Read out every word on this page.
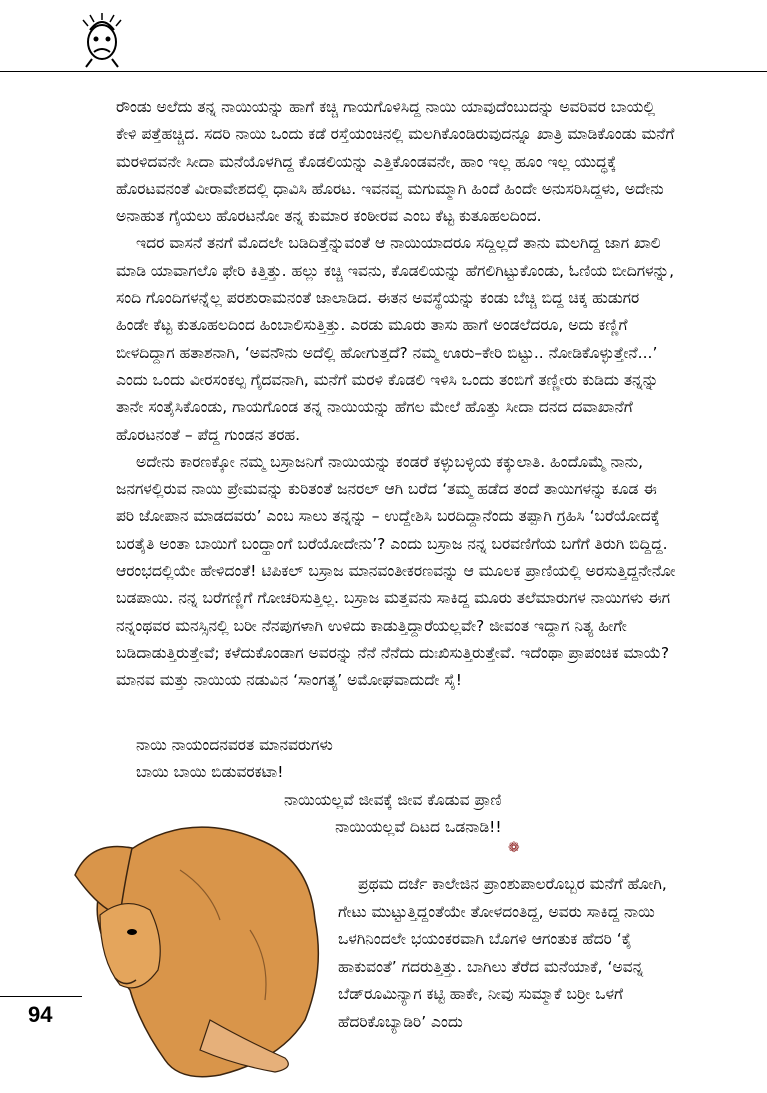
ರೌಂಡು ಅಲೆದು ತನ್ನ ನಾಯಿಯನ್ನು ಹಾಗೆ ಕಚ್ಚಿ ಗಾಯಗೊಳಿಸಿದ್ದ ನಾಯಿ ಯಾವುದೆಂಬುದನ್ನು ಅವರಿವರ ಬಾಯಲ್ಲಿ ಕೇಳಿ ಪತ್ತೆಹಚ್ಚಿದ. ಸದರಿ ನಾಯಿ ಒಂದು ಕಡೆ ರಸ್ತೆಯಂಚಿನಲ್ಲಿ ಮಲಗಿಕೊಂಡಿರುವುದನ್ನೂ ಖಾತ್ರಿ ಮಾಡಿಕೊಂಡು ಮನೆಗೆ ಮರಳಿದವನೇ ಸೀದಾ ಮನೆಯೊಳಗಿದ್ದ ಕೊಡಲಿಯನ್ನು ಎತ್ತಿಕೊಂಡವನೇ, ಹಾಂ ಇಲ್ಲ ಹೂಂ ಇಲ್ಲ ಯುದ್ಧಕ್ಕೆ ಹೊರಟವನಂತೆ ವೀರಾವೇಶದಲ್ಲಿ ಧಾವಿಸಿ ಹೊರಟ. ಇವನವ್ವ ಮಗುಮ್ಮಾಗಿ ಹಿಂದೆ ಹಿಂದೇ ಅನುಸರಿಸಿದ್ದಳು, ಅದೇನು ಅನಾಹುತ ಗೈಯಲು ಹೊರಟನೋ ತನ್ನ ಕುಮಾರ ಕಂಠೀರವ ಎಂಬ ಕೆಟ್ಟ ಕುತೂಹಲದಿಂದ.

ಇದರ ವಾಸನೆ ತನಗೆ ಮೊದಲೇ ಬಡಿದಿತ್ತೆನ್ನುವಂತೆ ಆ ನಾಯಿಯಾದರೂ ಸದ್ದಿಲ್ಲದೆ ತಾನು ಮಲಗಿದ್ದ ಜಾಗ ಖಾಲಿ ಮಾಡಿ ಯಾವಾಗಲೊ ಫೇರಿ ಕಿತ್ತಿತ್ತು. ಹಲ್ಲು ಕಚ್ಚಿ ಇವನು, ಕೊಡಲಿಯನ್ನು ಹೆಗಲಿಗಿಟ್ಟುಕೊಂಡು, ಓಣಿಯ ಬೀದಿಗಳನ್ನು, ಸಂದಿ ಗೊಂದಿಗಳನ್ನೆಲ್ಲ ಪರಶುರಾಮನಂತೆ ಜಾಲಾಡಿದ. ಈತನ ಅವಸ್ಥೆಯನ್ನು ಕಂಡು ಬೆಚ್ಚಿ ಬಿದ್ದ ಚಿಕ್ಕ ಹುಡುಗರ ಹಿಂಡೇ ಕೆಟ್ಟ ಕುತೂಹಲದಿಂದ ಹಿಂಬಾಲಿಸುತ್ತಿತ್ತು. ಎರಡು ಮೂರು ತಾಸು ಹಾಗೆ ಅಂಡಲೆದರೂ, ಅದು ಕಣ್ಣಿಗೆ ಬೀಳದಿದ್ದಾಗ ಹತಾಶನಾಗಿ, ‘ಅವನೌನು ಅದೆಲ್ಲಿ ಹೋಗುತ್ತದೆ? ನಮ್ಮ ಊರು–ಕೇರಿ ಬಿಟ್ಟು.. ನೋಡಿಕೊಳ್ಳುತ್ತೇನೆ...’ ಎಂದು ಒಂದು ವೀರಸಂಕಲ್ಪ ಗೈದವನಾಗಿ, ಮನೆಗೆ ಮರಳಿ ಕೊಡಲಿ ಇಳಿಸಿ ಒಂದು ತಂಬಿಗೆ ತಣ್ಣೀರು ಕುಡಿದು ತನ್ನನ್ನು ತಾನೇ ಸಂತೈಸಿಕೊಂಡು, ಗಾಯಗೊಂಡ ತನ್ನ ನಾಯಿಯನ್ನು ಹೆಗಲ ಮೇಲೆ ಹೊತ್ತು ಸೀದಾ ದನದ ದವಾಖಾನೆಗೆ ಹೊರಟನಂತೆ – ಪೆದ್ದ ಗುಂಡನ ತರಹ.

ಅದೇನು ಕಾರಣಕ್ಕೋ ನಮ್ಮ ಬಸ್ರಾಜನಿಗೆ ನಾಯಿಯನ್ನು ಕಂಡರೆ ಕಳ್ಳುಬಳ್ಳಿಯ ಕಕ್ಕುಲಾತಿ. ಹಿಂದೊಮ್ಮೆ ನಾನು, ಜನಗಳಲ್ಲಿರುವ ನಾಯಿ ಪ್ರೇಮವನ್ನು ಕುರಿತಂತೆ ಜನರಲ್ ಆಗಿ ಬರೆದ ‘ತಮ್ಮ ಹಡೆದ ತಂದೆ ತಾಯಿಗಳನ್ನು ಕೂಡ ಈ ಪರಿ ಜೋಪಾನ ಮಾಡದವರು’ ಎಂಬ ಸಾಲು ತನ್ನನ್ನು – ಉದ್ದೇಶಿಸಿ ಬರದಿದ್ದಾನೆಂದು ತಪ್ಪಾಗಿ ಗ್ರಹಿಸಿ ‘ಬರೆಯೋದಕ್ಕೆ ಬರತೈತಿ ಅಂತಾ ಬಾಯಿಗೆ ಬಂದ್ಹಾಂಗೆ ಬರೆಯೋದೇನು’? ಎಂದು ಬಸ್ರಾಜ ನನ್ನ ಬರವಣಿಗೆಯ ಬಗೆಗೆ ತಿರುಗಿ ಬಿದ್ದಿದ್ದ. ಆರಂಭದಲ್ಲಿಯೇ ಹೇಳಿದಂತೆ! ಟಿಪಿಕಲ್ ಬಸ್ರಾಜ ಮಾನವಂತೀಕರಣವನ್ನು ಆ ಮೂಲಕ ಪ್ರಾಣಿಯಲ್ಲಿ ಅರಸುತ್ತಿದ್ದನೇನೋ ಬಡಪಾಯಿ. ನನ್ನ ಬರೆಗಣ್ಣಿಗೆ ಗೋಚರಿಸುತ್ತಿಲ್ಲ. ಬಸ್ರಾಜ ಮತ್ತವನು ಸಾಕಿದ್ದ ಮೂರು ತಲೆಮಾರುಗಳ ನಾಯಿಗಳು ಈಗ ನನ್ನಂಥವರ ಮನಸ್ಸಿನಲ್ಲಿ ಬರೀ ನೆನಪುಗಳಾಗಿ ಉಳಿದು ಕಾಡುತ್ತಿದ್ದಾರೆಯಲ್ಲವೇ? ಜೀವಂತ ಇದ್ದಾಗ ನಿತ್ಯ ಹೀಗೇ ಬಡಿದಾಡುತ್ತಿರುತ್ತೇವೆ; ಕಳೆದುಕೊಂಡಾಗ ಅವರನ್ನು ನೆನೆ ನೆನೆದು ದುಃಖಿಸುತ್ತಿರುತ್ತೇವೆ. ಇದೆಂಥಾ ಪ್ರಾಪಂಚಿಕ ಮಾಯೆ? ಮಾನವ ಮತ್ತು ನಾಯಿಯ ನಡುವಿನ ‘ಸಾಂಗತ್ಯ’ ಅಮೋಘವಾದುದೇ ಸೈ!

ನಾಯಿ ನಾಯಂದನವರತ ಮಾನವರುಗಳು
ಬಾಯಿ ಬಾಯಿ ಬಿಡುವರಕಟಾ!
ನಾಯಿಯಲ್ಲವೆ ಜೀವಕ್ಕೆ ಜೀವ ಕೊಡುವ ಪ್ರಾಣಿ
ನಾಯಿಯಲ್ಲವೆ ದಿಟದ ಒಡನಾಡಿ!!
❁

ಪ್ರಥಮ ದರ್ಜೆ ಕಾಲೇಜಿನ ಪ್ರಾಂಶುಪಾಲರೊಬ್ಬರ ಮನೆಗೆ ಹೋಗಿ, ಗೇಟು ಮುಟ್ಟುತ್ತಿದ್ದಂತೆಯೇ ತೋಳದಂತಿದ್ದ, ಅವರು ಸಾಕಿದ್ದ ನಾಯಿ ಒಳಗಿನಿಂದಲೇ ಭಯಂಕರವಾಗಿ ಬೊಗಳಿ ಆಗಂತುಕ ಹೆದರಿ ‘ಕೈ ಹಾಕುವಂತೆ’ ಗದರುತ್ತಿತ್ತು. ಬಾಗಿಲು ತೆರೆದ ಮನೆಯಾಕೆ, ‘ಅವನ್ನ ಬೆಡ್‌ರೂಮಿನ್ಯಾಗ ಕಟ್ಟಿ ಹಾಕೇ, ನೀವು ಸುಮ್ಮಾಕೆ ಬರ್‍ರೀ ಒಳಗೆ ಹೆದರಿಕೊಬ್ಯಾಡಿರಿ’ ಎಂದು

94
